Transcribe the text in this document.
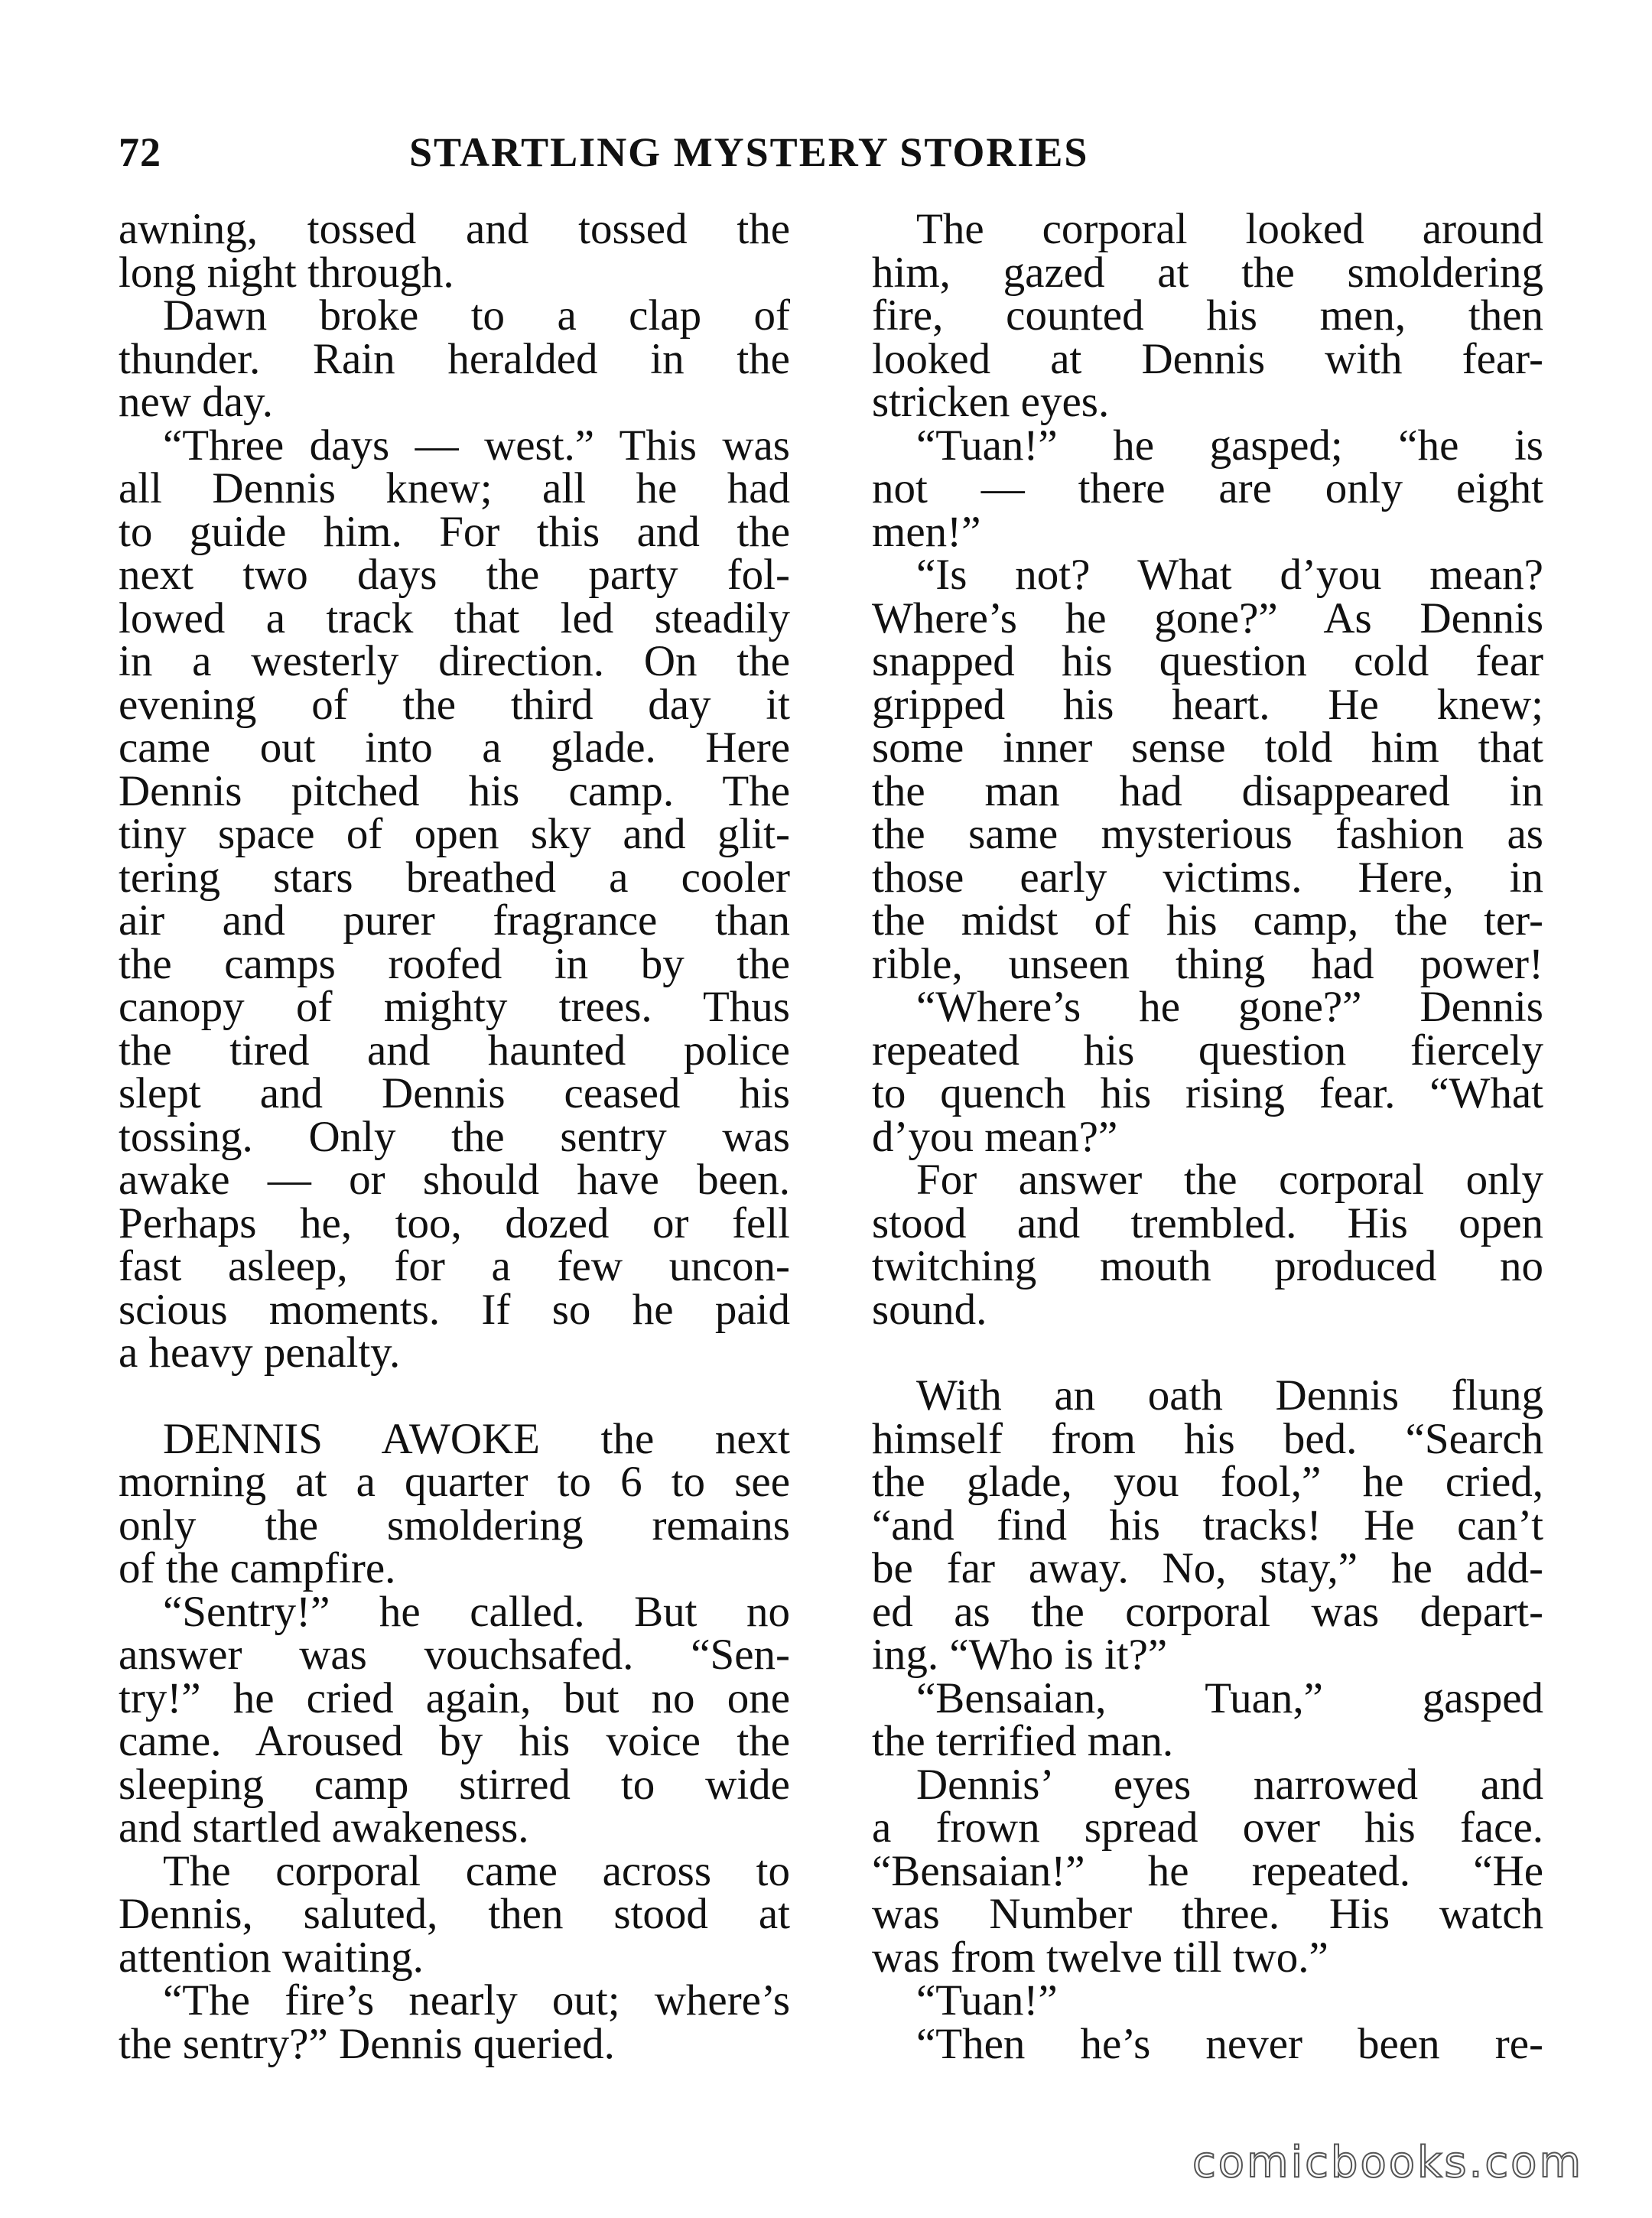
72	STARTLING MYSTERY STORIES
awning, tossed and tossed the
long night through.
Dawn broke to a clap of
thunder. Rain heralded in the
new day.
“Three days — west.” This was
all Dennis knew; all he had
to guide him. For this and the
next two days the party fol-
lowed a track that led steadily
in a westerly direction. On the
evening of the third day it
came out into a glade. Here
Dennis pitched his camp. The
tiny space of open sky and glit-
tering stars breathed a cooler
air and purer fragrance than
the camps roofed in by the
canopy of mighty trees. Thus
the tired and haunted police
slept and Dennis ceased his
tossing. Only the sentry was
awake — or should have been.
Perhaps he, too, dozed or fell
fast asleep, for a few uncon-
scious moments. If so he paid
a heavy penalty.
DENNIS AWOKE the next
morning at a quarter to 6 to see
only the smoldering remains
of the campfire.
“Sentry!” he called. But no
answer was vouchsafed. “Sen-
try!” he cried again, but no one
came. Aroused by his voice the
sleeping camp stirred to wide
and startled awakeness.
The corporal came across to
Dennis, saluted, then stood at
attention waiting.
“The fire’s nearly out; where’s
the sentry?” Dennis queried.
The corporal looked around
him, gazed at the smoldering
fire, counted his men, then
looked at Dennis with fear-
stricken eyes.
“Tuan!” he gasped; “he is
not — there are only eight
men!”
“Is not? What d’you mean?
Where’s he gone?” As Dennis
snapped his question cold fear
gripped his heart. He knew;
some inner sense told him that
the man had disappeared in
the same mysterious fashion as
those early victims. Here, in
the midst of his camp, the ter-
rible, unseen thing had power!
“Where’s he gone?” Dennis
repeated his question fiercely
to quench his rising fear. “What
d’you mean?”
For answer the corporal only
stood and trembled. His open
twitching mouth produced no
sound.
With an oath Dennis flung
himself from his bed. “Search
the glade, you fool,” he cried,
“and find his tracks! He can’t
be far away. No, stay,” he add-
ed as the corporal was depart-
ing. “Who is it?”
“Bensaian, Tuan,” gasped
the terrified man.
Dennis’ eyes narrowed and
a frown spread over his face.
“Bensaian!” he repeated. “He
was Number three. His watch
was from twelve till two.”
“Tuan!”
“Then he’s never been re-
comicbooks.com
